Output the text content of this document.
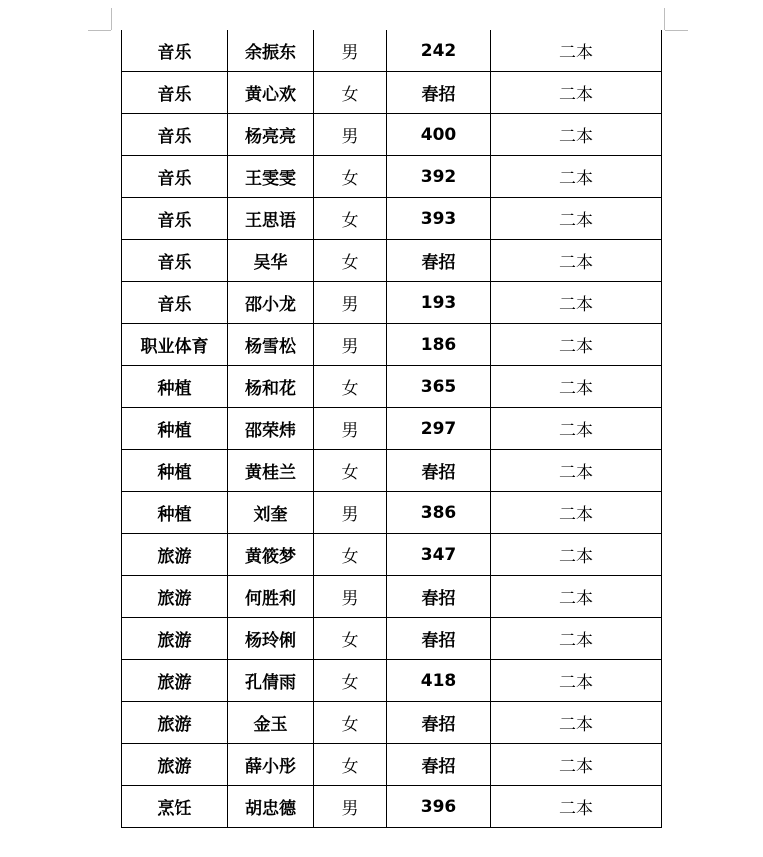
音乐	余振东	男	242	二本
音乐	黄心欢	女	春招	二本
音乐	杨亮亮	男	400	二本
音乐	王雯雯	女	392	二本
音乐	王思语	女	393	二本
音乐	吴华	女	春招	二本
音乐	邵小龙	男	193	二本
职业体育	杨雪松	男	186	二本
种植	杨和花	女	365	二本
种植	邵荣炜	男	297	二本
种植	黄桂兰	女	春招	二本
种植	刘奎	男	386	二本
旅游	黄筱梦	女	347	二本
旅游	何胜利	男	春招	二本
旅游	杨玲俐	女	春招	二本
旅游	孔倩雨	女	418	二本
旅游	金玉	女	春招	二本
旅游	薛小彤	女	春招	二本
烹饪	胡忠德	男	396	二本
